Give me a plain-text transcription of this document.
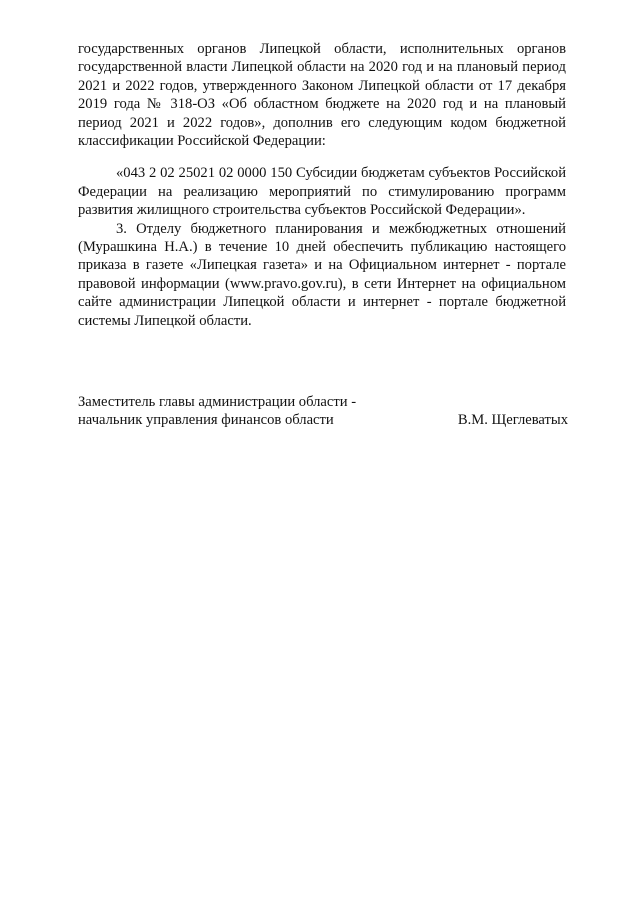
государственных органов Липецкой области, исполнительных органов государственной власти Липецкой области на 2020 год и на плановый период 2021 и 2022 годов, утвержденного Законом Липецкой области от 17 декабря 2019 года № 318-ОЗ «Об областном бюджете на 2020 год и на плановый период 2021 и 2022 годов», дополнив его следующим кодом бюджетной классификации Российской Федерации:

«043 2 02 25021 02 0000 150 Субсидии бюджетам субъектов Российской Федерации на реализацию мероприятий по стимулированию программ развития жилищного строительства субъектов Российской Федерации».

3. Отделу бюджетного планирования и межбюджетных отношений (Мурашкина Н.А.) в течение 10 дней обеспечить публикацию настоящего приказа в газете «Липецкая газета» и на Официальном интернет - портале правовой информации (www.pravo.gov.ru), в сети Интернет на официальном сайте администрации Липецкой области и интернет - портале бюджетной системы Липецкой области.

Заместитель главы администрации области -
начальник управления финансов области	В.М. Щеглеватых
